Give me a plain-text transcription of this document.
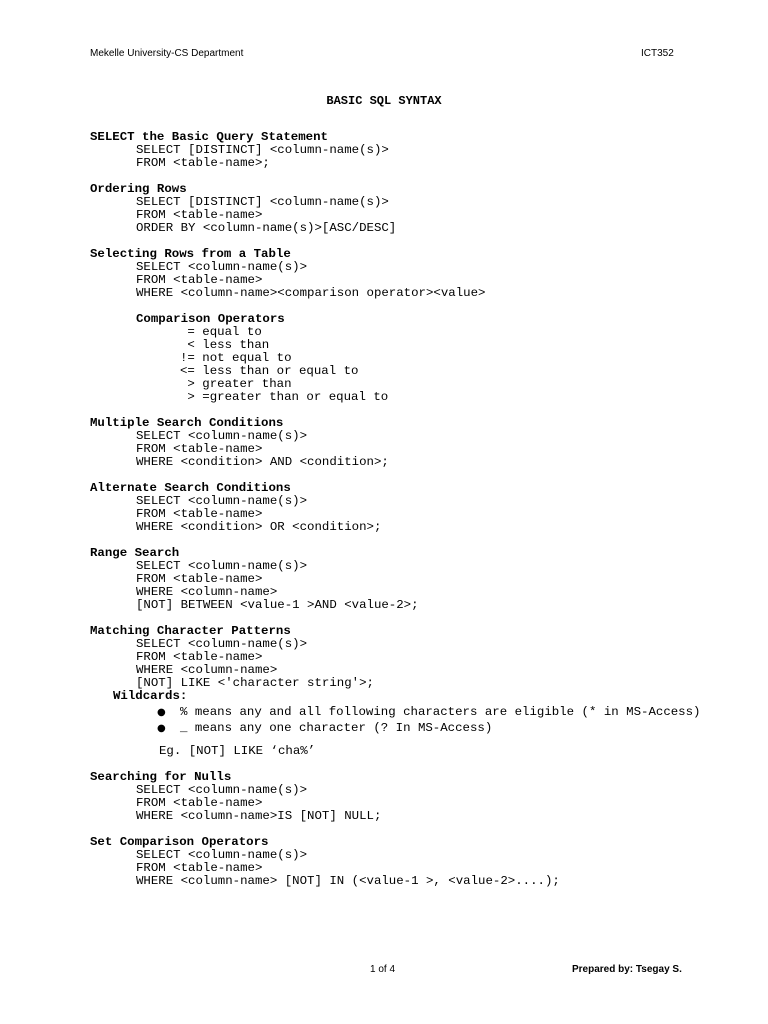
Mekelle University-CS Department	ICT352
BASIC SQL SYNTAX
SELECT the Basic Query Statement
SELECT [DISTINCT] <column-name(s)>
FROM <table-name>;
Ordering Rows
SELECT [DISTINCT] <column-name(s)>
FROM <table-name>
ORDER BY <column-name(s)>[ASC/DESC]
Selecting Rows from a Table
SELECT <column-name(s)>
FROM <table-name>
WHERE <column-name><comparison operator><value>
Comparison Operators
= equal to
< less than
!= not equal to
<= less than or equal to
> greater than
> =greater than or equal to
Multiple Search Conditions
SELECT <column-name(s)>
FROM <table-name>
WHERE <condition> AND <condition>;
Alternate Search Conditions
SELECT <column-name(s)>
FROM <table-name>
WHERE <condition> OR <condition>;
Range Search
SELECT <column-name(s)>
FROM <table-name>
WHERE <column-name>
[NOT] BETWEEN <value-1 >AND <value-2>;
Matching Character Patterns
SELECT <column-name(s)>
FROM <table-name>
WHERE <column-name>
[NOT] LIKE <'character string'>;
Wildcards:
● % means any and all following characters are eligible (* in MS-Access)
● _ means any one character (? In MS-Access)
Eg. [NOT] LIKE ‘cha%’
Searching for Nulls
SELECT <column-name(s)>
FROM <table-name>
WHERE <column-name>IS [NOT] NULL;
Set Comparison Operators
SELECT <column-name(s)>
FROM <table-name>
WHERE <column-name> [NOT] IN (<value-1 >, <value-2>....);
1 of 4	Prepared by: Tsegay S.
